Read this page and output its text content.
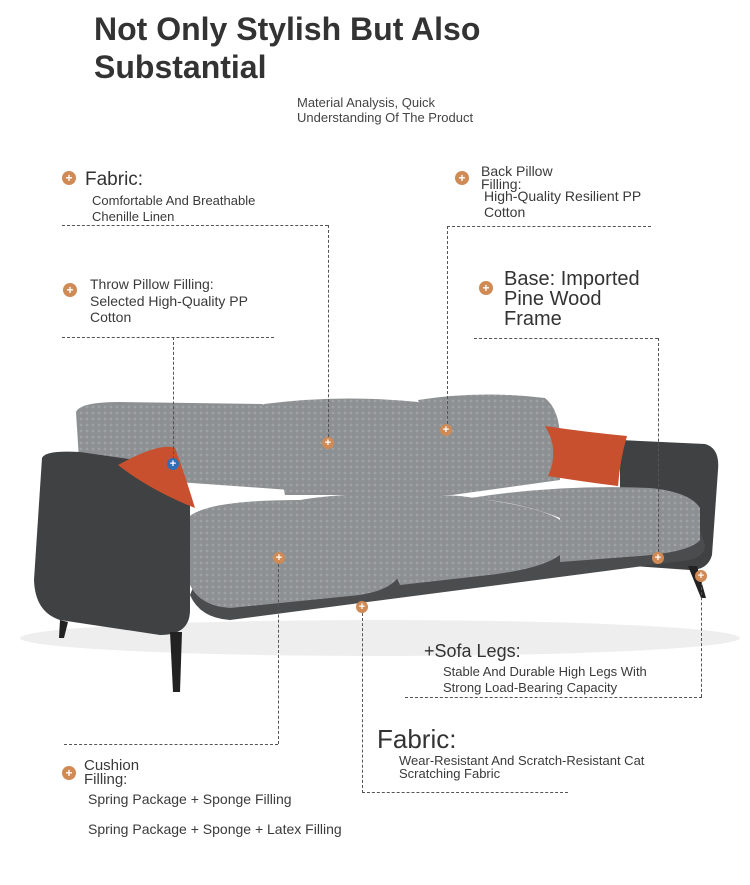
Not Only Stylish But Also Substantial
Material Analysis, Quick Understanding Of The Product
+
+
+
+
+
+
+
+ Fabric:
Comfortable And Breathable Chenille Linen
+ Back Pillow Filling:
High-Quality Resilient PP Cotton
+ Throw Pillow Filling:
Selected High-Quality PP Cotton
+ Base: Imported Pine Wood Frame
+Sofa Legs:
Stable And Durable High Legs With Strong Load-Bearing Capacity
Fabric:
Wear-Resistant And Scratch-Resistant Cat Scratching Fabric
+ Cushion Filling:
Spring Package + Sponge Filling
Spring Package + Sponge + Latex Filling
